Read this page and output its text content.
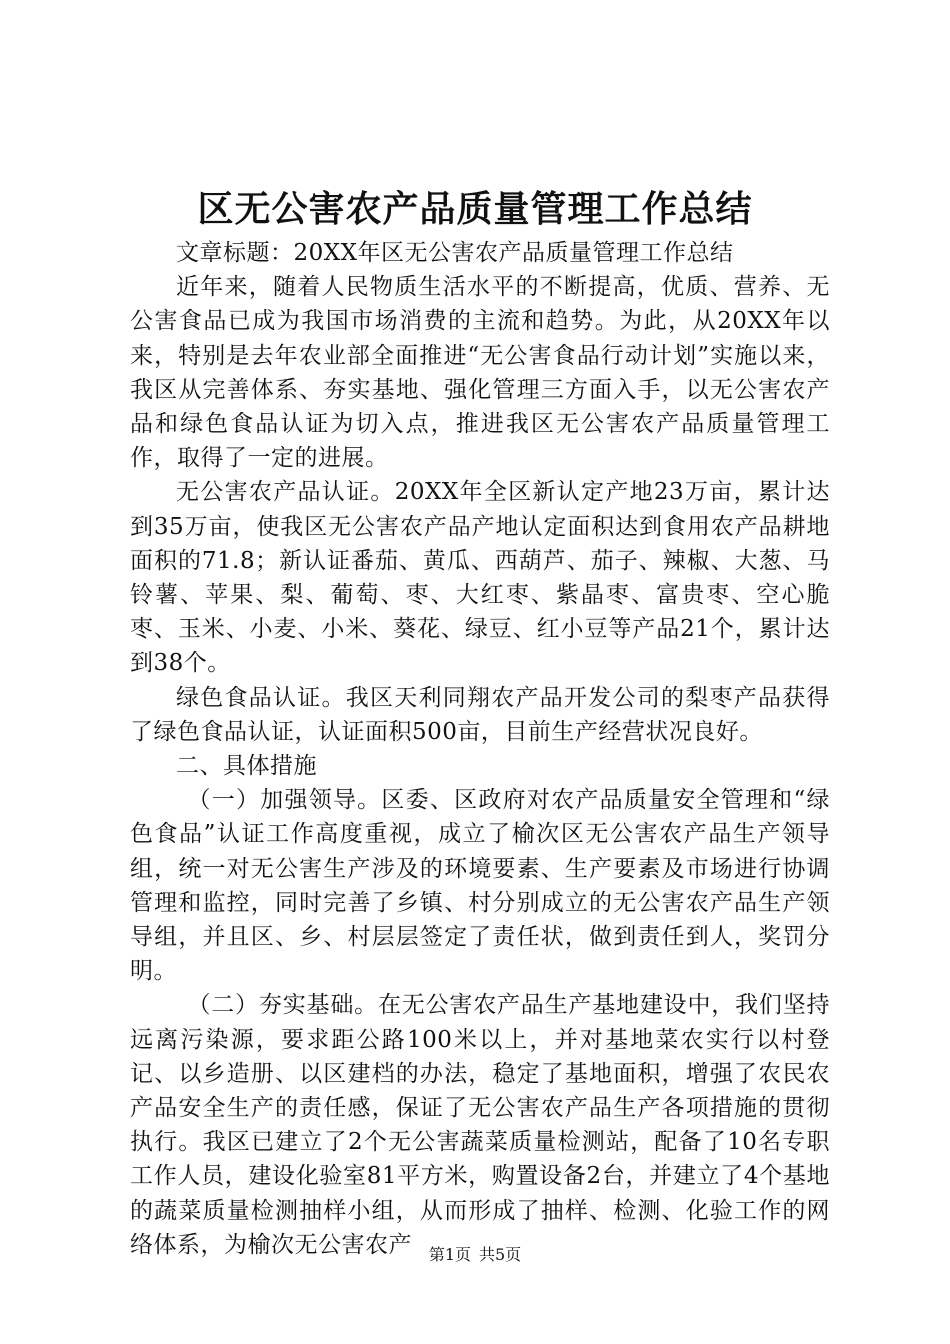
区无公害农产品质量管理工作总结

文章标题：20XX年区无公害农产品质量管理工作总结

近年来，随着人民物质生活水平的不断提高，优质、营养、无公害食品已成为我国市场消费的主流和趋势。为此，从20XX年以来，特别是去年农业部全面推进“无公害食品行动计划”实施以来，我区从完善体系、夯实基地、强化管理三方面入手，以无公害农产品和绿色食品认证为切入点，推进我区无公害农产品质量管理工作，取得了一定的进展。

无公害农产品认证。20XX年全区新认定产地23万亩，累计达到35万亩，使我区无公害农产品产地认定面积达到食用农产品耕地面积的71.8；新认证番茄、黄瓜、西葫芦、茄子、辣椒、大葱、马铃薯、苹果、梨、葡萄、枣、大红枣、紫晶枣、富贵枣、空心脆枣、玉米、小麦、小米、葵花、绿豆、红小豆等产品21个，累计达到38个。

绿色食品认证。我区天利同翔农产品开发公司的梨枣产品获得了绿色食品认证，认证面积500亩，目前生产经营状况良好。

二、具体措施

（一）加强领导。区委、区政府对农产品质量安全管理和“绿色食品”认证工作高度重视，成立了榆次区无公害农产品生产领导组，统一对无公害生产涉及的环境要素、生产要素及市场进行协调管理和监控，同时完善了乡镇、村分别成立的无公害农产品生产领导组，并且区、乡、村层层签定了责任状，做到责任到人，奖罚分明。

（二）夯实基础。在无公害农产品生产基地建设中，我们坚持远离污染源，要求距公路100米以上，并对基地菜农实行以村登记、以乡造册、以区建档的办法，稳定了基地面积，增强了农民农产品安全生产的责任感，保证了无公害农产品生产各项措施的贯彻执行。我区已建立了2个无公害蔬菜质量检测站，配备了10名专职工作人员，建设化验室81平方米，购置设备2台，并建立了4个基地的蔬菜质量检测抽样小组，从而形成了抽样、检测、化验工作的网络体系，为榆次无公害农产	第1页 共5页
